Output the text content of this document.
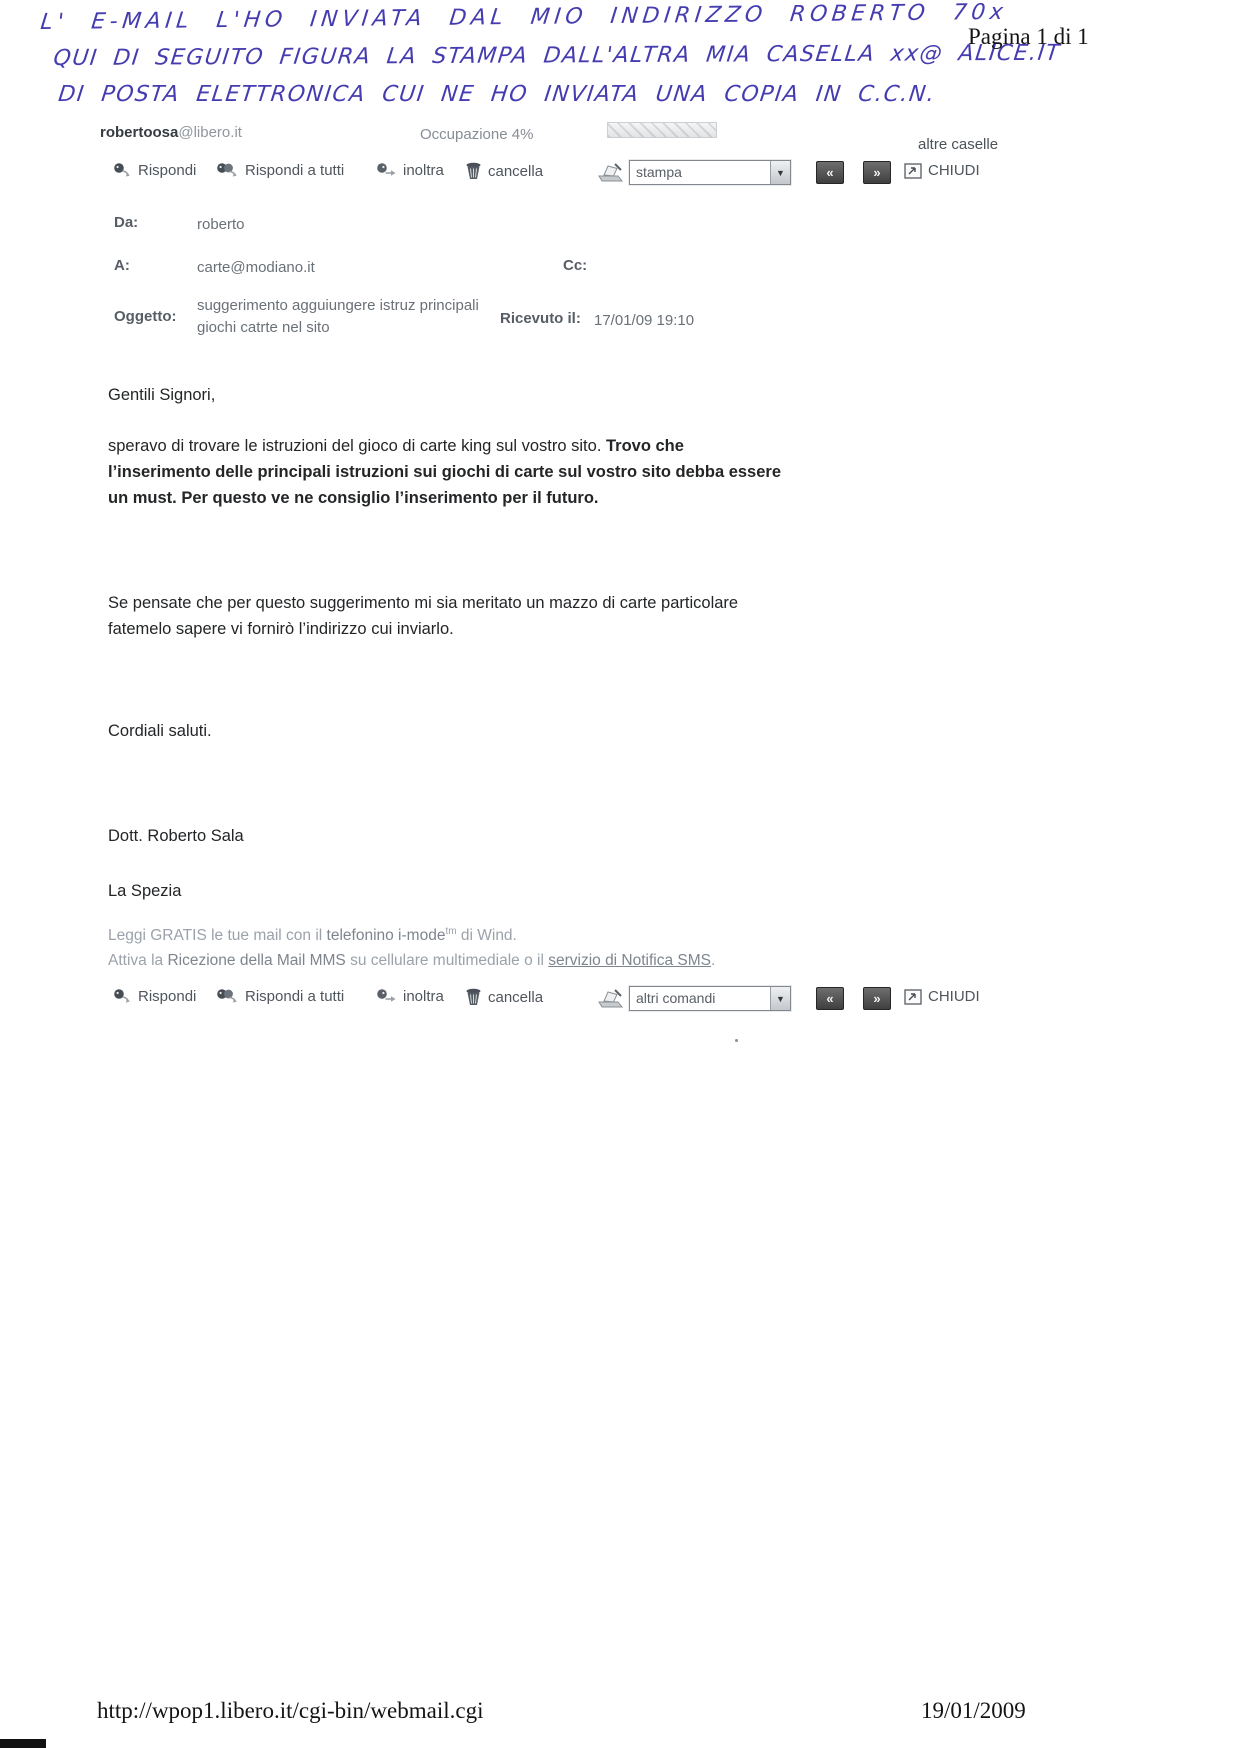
L' E-MAIL L'HO INVIATA DAL MIO INDIRIZZO ROBERTO 70x
QUI DI SEGUITO FIGURA LA STAMPA DALL'ALTRA MIA CASELLA xx@ ALICE.IT
DI POSTA ELETTRONICA CUI NE HO INVIATA UNA COPIA IN C.C.N.
Pagina 1 di 1
robertoosa@libero.it	Occupazione 4%
altre caselle
Rispondi	Rispondi a tutti	inoltra	cancella	stampa	▼	«	»	CHIUDI
Da:	roberto
A:	carte@modiano.it	Cc:
Oggetto:
suggerimento agguiungere istruz principali
giochi catrte nel sito
Ricevuto il: 17/01/09 19:10
Gentili Signori,
speravo di trovare le istruzioni del gioco di carte king sul vostro sito. Trovo che
l’inserimento delle principali istruzioni sui giochi di carte sul vostro sito debba essere
un must. Per questo ve ne consiglio l’inserimento per il futuro.
Se pensate che per questo suggerimento mi sia meritato un mazzo di carte particolare
fatemelo sapere vi fornirò l’indirizzo cui inviarlo.
Cordiali saluti.
Dott. Roberto Sala
La Spezia
Leggi GRATIS le tue mail con il telefonino i-mode$^{tm}$ di Wind.
Attiva la Ricezione della Mail MMS su cellulare multimediale o il servizio di Notifica SMS.
Rispondi	Rispondi a tutti	inoltra	cancella	altri comandi	▼	«	»	CHIUDI
http://wpop1.libero.it/cgi-bin/webmail.cgi	19/01/2009
